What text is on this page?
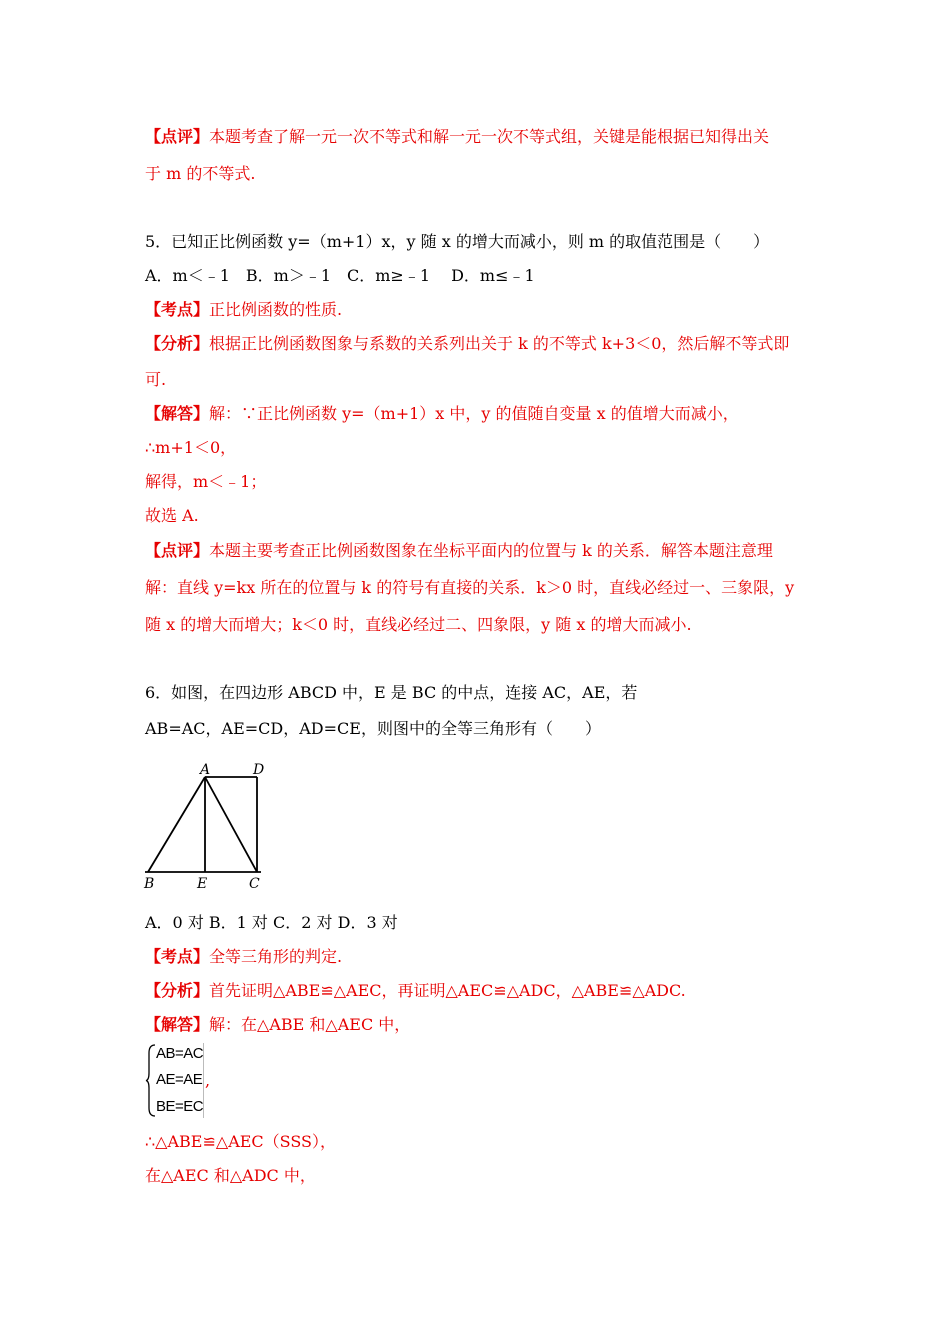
【点评】本题考查了解一元一次不等式和解一元一次不等式组，关键是能根据已知得出关
于 m 的不等式.
5．已知正比例函数 y=（m+1）x，y 随 x 的增大而减小，则 m 的取值范围是（　　）
A．m＜﹣1　B．m＞﹣1　C．m≥﹣1　 D．m≤﹣1
【考点】正比例函数的性质.
【分析】根据正比例函数图象与系数的关系列出关于 k 的不等式 k+3＜0，然后解不等式即
可.
【解答】解：∵正比例函数 y=（m+1）x 中，y 的值随自变量 x 的值增大而减小，
∴m+1＜0，
解得，m＜﹣1；
故选 A.
【点评】本题主要考查正比例函数图象在坐标平面内的位置与 k 的关系．解答本题注意理
解：直线 y=kx 所在的位置与 k 的符号有直接的关系．k＞0 时，直线必经过一、三象限，y
随 x 的增大而增大；k＜0 时，直线必经过二、四象限，y 随 x 的增大而减小.
6．如图，在四边形 ABCD 中，E 是 BC 的中点，连接 AC，AE，若
AB=AC，AE=CD，AD=CE，则图中的全等三角形有（　　）
A	D
B	E	C
A．0 对 B．1 对 C．2 对 D．3 对
【考点】全等三角形的判定.
【分析】首先证明△ABE≌△AEC，再证明△AEC≌△ADC，△ABE≌△ADC.
【解答】解：在△ABE 和△AEC 中，
AB=AC
AE=AE
BE=EC
,
∴△ABE≌△AEC（SSS），
在△AEC 和△ADC 中，
